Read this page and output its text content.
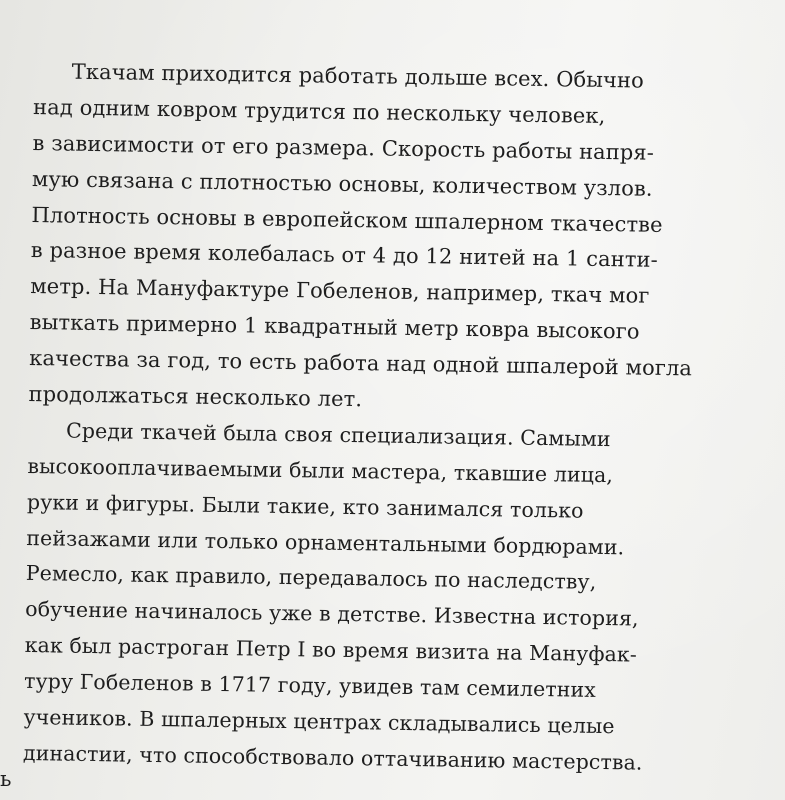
Ткачам приходится работать дольше всех. Обычно
над одним ковром трудится по нескольку человек,
в зависимости от его размера. Скорость работы напря-
мую связана с плотностью основы, количеством узлов.
Плотность основы в европейском шпалерном ткачестве
в разное время колебалась от 4 до 12 нитей на 1 санти-
метр. На Мануфактуре Гобеленов, например, ткач мог
выткать примерно 1 квадратный метр ковра высокого
качества за год, то есть работа над одной шпалерой могла
продолжаться несколько лет.
Среди ткачей была своя специализация. Самыми
высокооплачиваемыми были мастера, ткавшие лица,
руки и фигуры. Были такие, кто занимался только
пейзажами или только орнаментальными бордюрами.
Ремесло, как правило, передавалось по наследству,
обучение начиналось уже в детстве. Известна история,
как был растроган Петр I во время визита на Мануфак-
туру Гобеленов в 1717 году, увидев там семилетних
учеников. В шпалерных центрах складывались целые
династии, что способствовало оттачиванию мастерства.
ь
